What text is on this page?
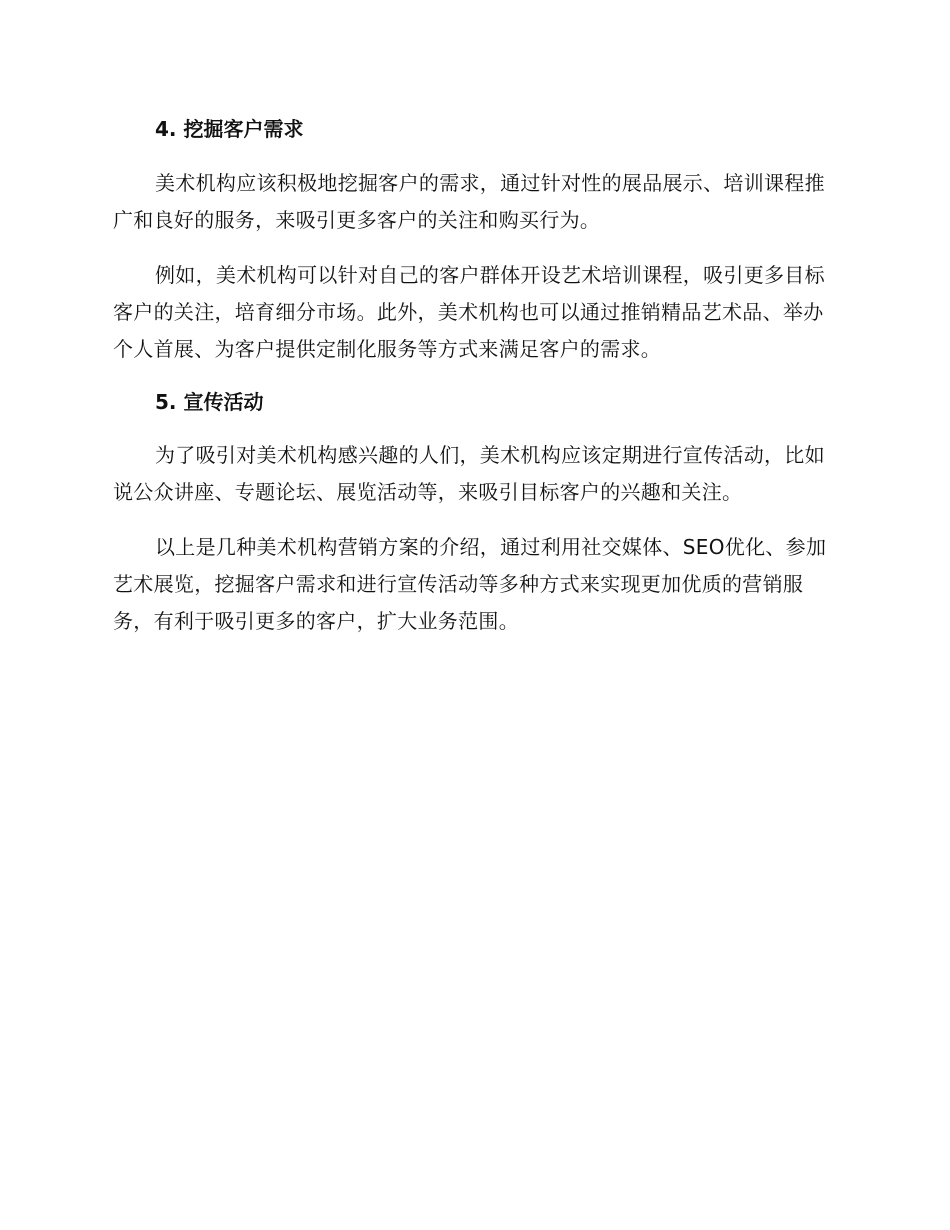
4. 挖掘客户需求

美术机构应该积极地挖掘客户的需求，通过针对性的展品展示、培训课程推广和良好的服务，来吸引更多客户的关注和购买行为。

例如，美术机构可以针对自己的客户群体开设艺术培训课程，吸引更多目标客户的关注，培育细分市场。此外，美术机构也可以通过推销精品艺术品、举办个人首展、为客户提供定制化服务等方式来满足客户的需求。

5. 宣传活动

为了吸引对美术机构感兴趣的人们，美术机构应该定期进行宣传活动，比如说公众讲座、专题论坛、展览活动等，来吸引目标客户的兴趣和关注。

以上是几种美术机构营销方案的介绍，通过利用社交媒体、SEO优化、参加艺术展览，挖掘客户需求和进行宣传活动等多种方式来实现更加优质的营销服务，有利于吸引更多的客户，扩大业务范围。
